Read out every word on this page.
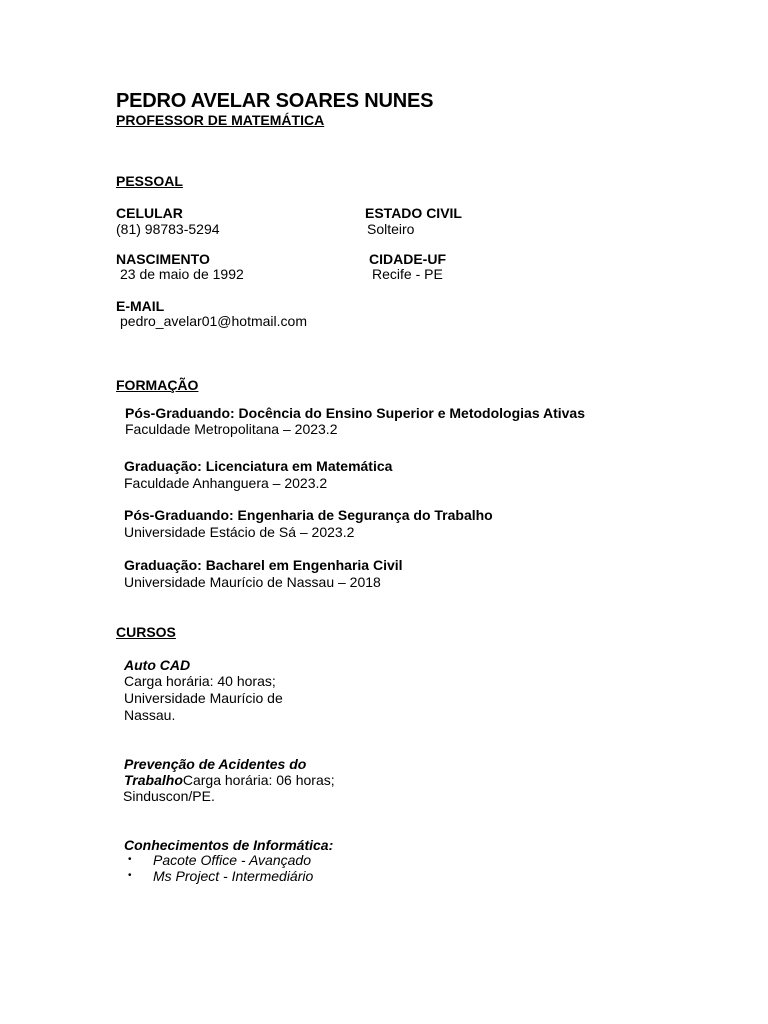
PEDRO AVELAR SOARES NUNES
PROFESSOR DE MATEMÁTICA
PESSOAL
CELULAR
(81) 98783-5294
ESTADO CIVIL
Solteiro
NASCIMENTO
23 de maio de 1992
CIDADE-UF
Recife - PE
E-MAIL
pedro_avelar01@hotmail.com
FORMAÇÃO
Pós-Graduando: Docência do Ensino Superior e Metodologias Ativas
Faculdade Metropolitana – 2023.2
Graduação: Licenciatura em Matemática
Faculdade Anhanguera – 2023.2
Pós-Graduando: Engenharia de Segurança do Trabalho
Universidade Estácio de Sá – 2023.2
Graduação: Bacharel em Engenharia Civil
Universidade Maurício de Nassau – 2018
CURSOS
Auto CAD
Carga horária: 40 horas;
Universidade Maurício de
Nassau.
Prevenção de Acidentes do
TrabalhoCarga horária: 06 horas;
Sinduscon/PE.
Conhecimentos de Informática:
• Pacote Office - Avançado
• Ms Project - Intermediário
